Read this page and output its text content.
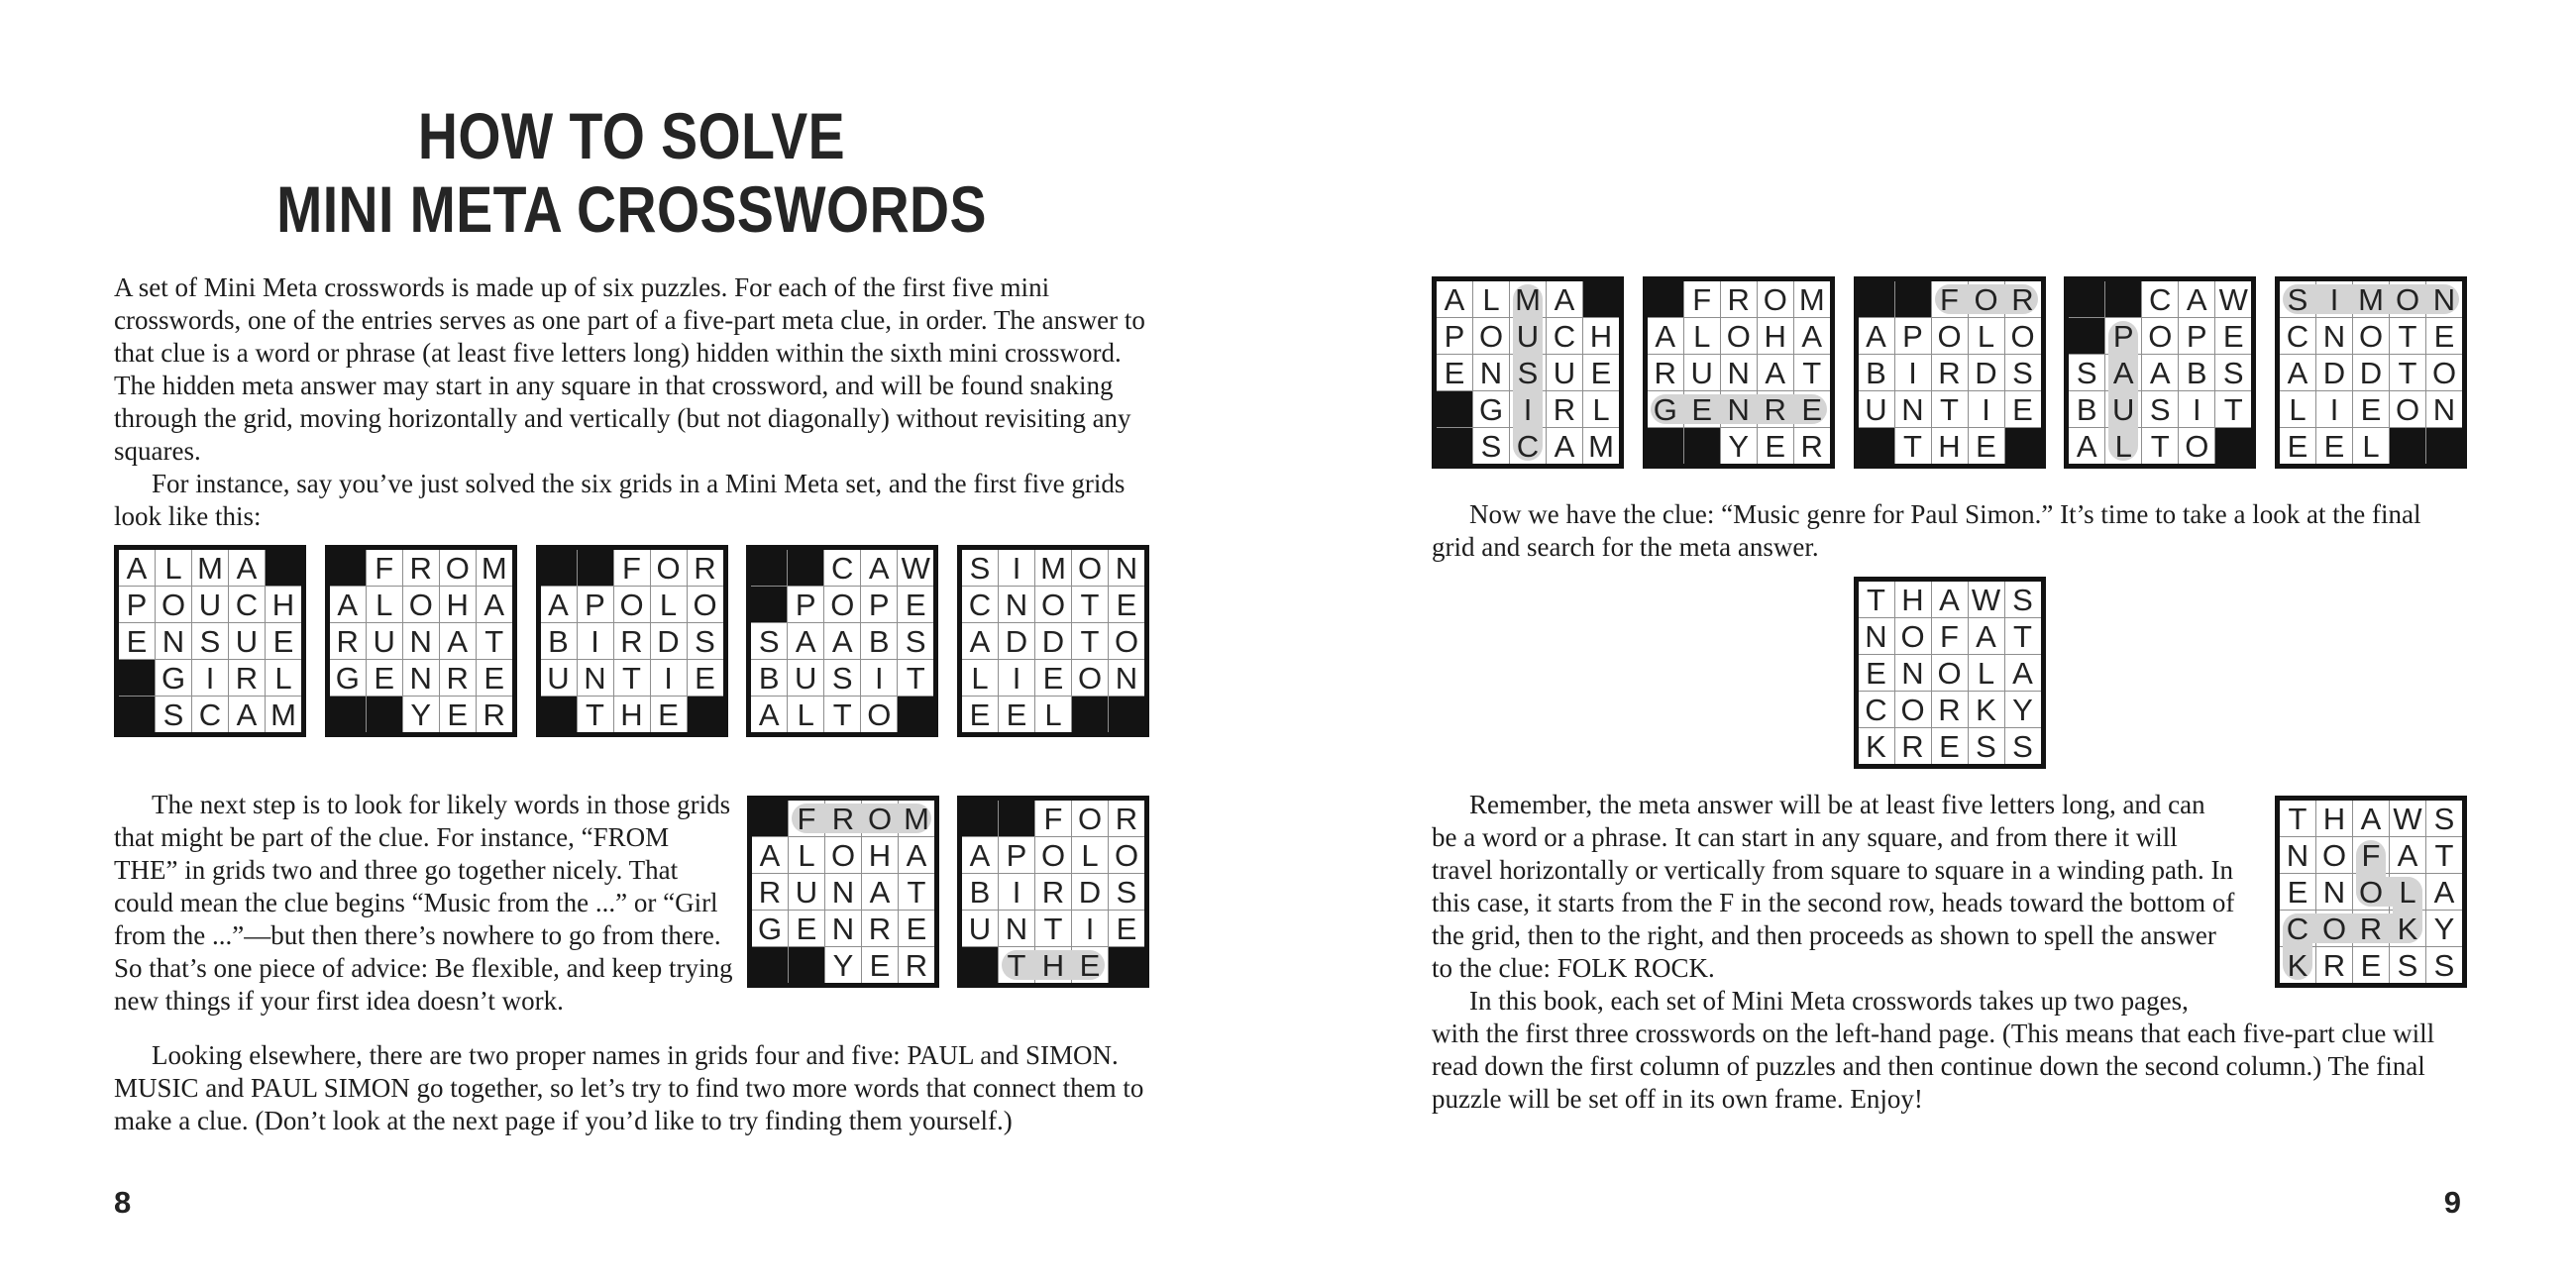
HOW TO SOLVE
MINI META CROSSWORDS

A set of Mini Meta crosswords is made up of six puzzles. For each of the first five mini crosswords, one of the entries serves as one part of a five-part meta clue, in order. The answer to that clue is a word or phrase (at least five letters long) hidden within the sixth mini crossword. The hidden meta answer may start in any square in that crossword, and will be found snaking through the grid, moving horizontally and vertically (but not diagonally) without revisiting any squares.

For instance, say you’ve just solved the six grids in a Mini Meta set, and the first five grids look like this:

A L M A
P O U C H
E N S U E
G I R L
S C A M
F R O M
A L O H A
R U N A T
G E N R E
Y E R
F O R
A P O L O
B I R D S
U N T I E
T H E
C A W
P O P E
S A A B S
B U S I T
A L T O
S I M O N
C N O T E
A D D T O
L I E O N
E E L
F R O M
A L O H A
R U N A T
G E N R E
Y E R
F O R
A P O L O
B I R D S
U N T I E
T H E

The next step is to look for likely words in those grids that might be part of the clue. For instance, “FROM THE” in grids two and three go together nicely. That could mean the clue begins “Music from the ...” or “Girl from the ...”—but then there’s nowhere to go from there. So that’s one piece of advice: Be flexible, and keep trying new things if your first idea doesn’t work.

Looking elsewhere, there are two proper names in grids four and five: PAUL and SIMON. MUSIC and PAUL SIMON go together, so let’s try to find two more words that connect them to make a clue. (Don’t look at the next page if you’d like to try finding them yourself.)

8
A L M A
P O U C H
E N S U E
G I R L
S C A M
F R O M
A L O H A
R U N A T
G E N R E
Y E R
F O R
A P O L O
B I R D S
U N T I E
T H E
C A W
P O P E
S A A B S
B U S I T
A L T O
S I M O N
C N O T E
A D D T O
L I E O N
E E L

Now we have the clue: “Music genre for Paul Simon.” It’s time to take a look at the final grid and search for the meta answer.

T H A W S
N O F A T
E N O L A
C O R K Y
K R E S S
T H A W S
N O F A T
E N O L A
C O R K Y
K R E S S

Remember, the meta answer will be at least five letters long, and can be a word or a phrase. It can start in any square, and from there it will travel horizontally or vertically from square to square in a winding path. In this case, it starts from the F in the second row, heads toward the bottom of the grid, then to the right, and then proceeds as shown to spell the answer to the clue: FOLK ROCK.

In this book, each set of Mini Meta crosswords takes up two pages, with the first three crosswords on the left-hand page. (This means that each five-part clue will read down the first column of puzzles and then continue down the second column.) The final puzzle will be set off in its own frame. Enjoy!

9
